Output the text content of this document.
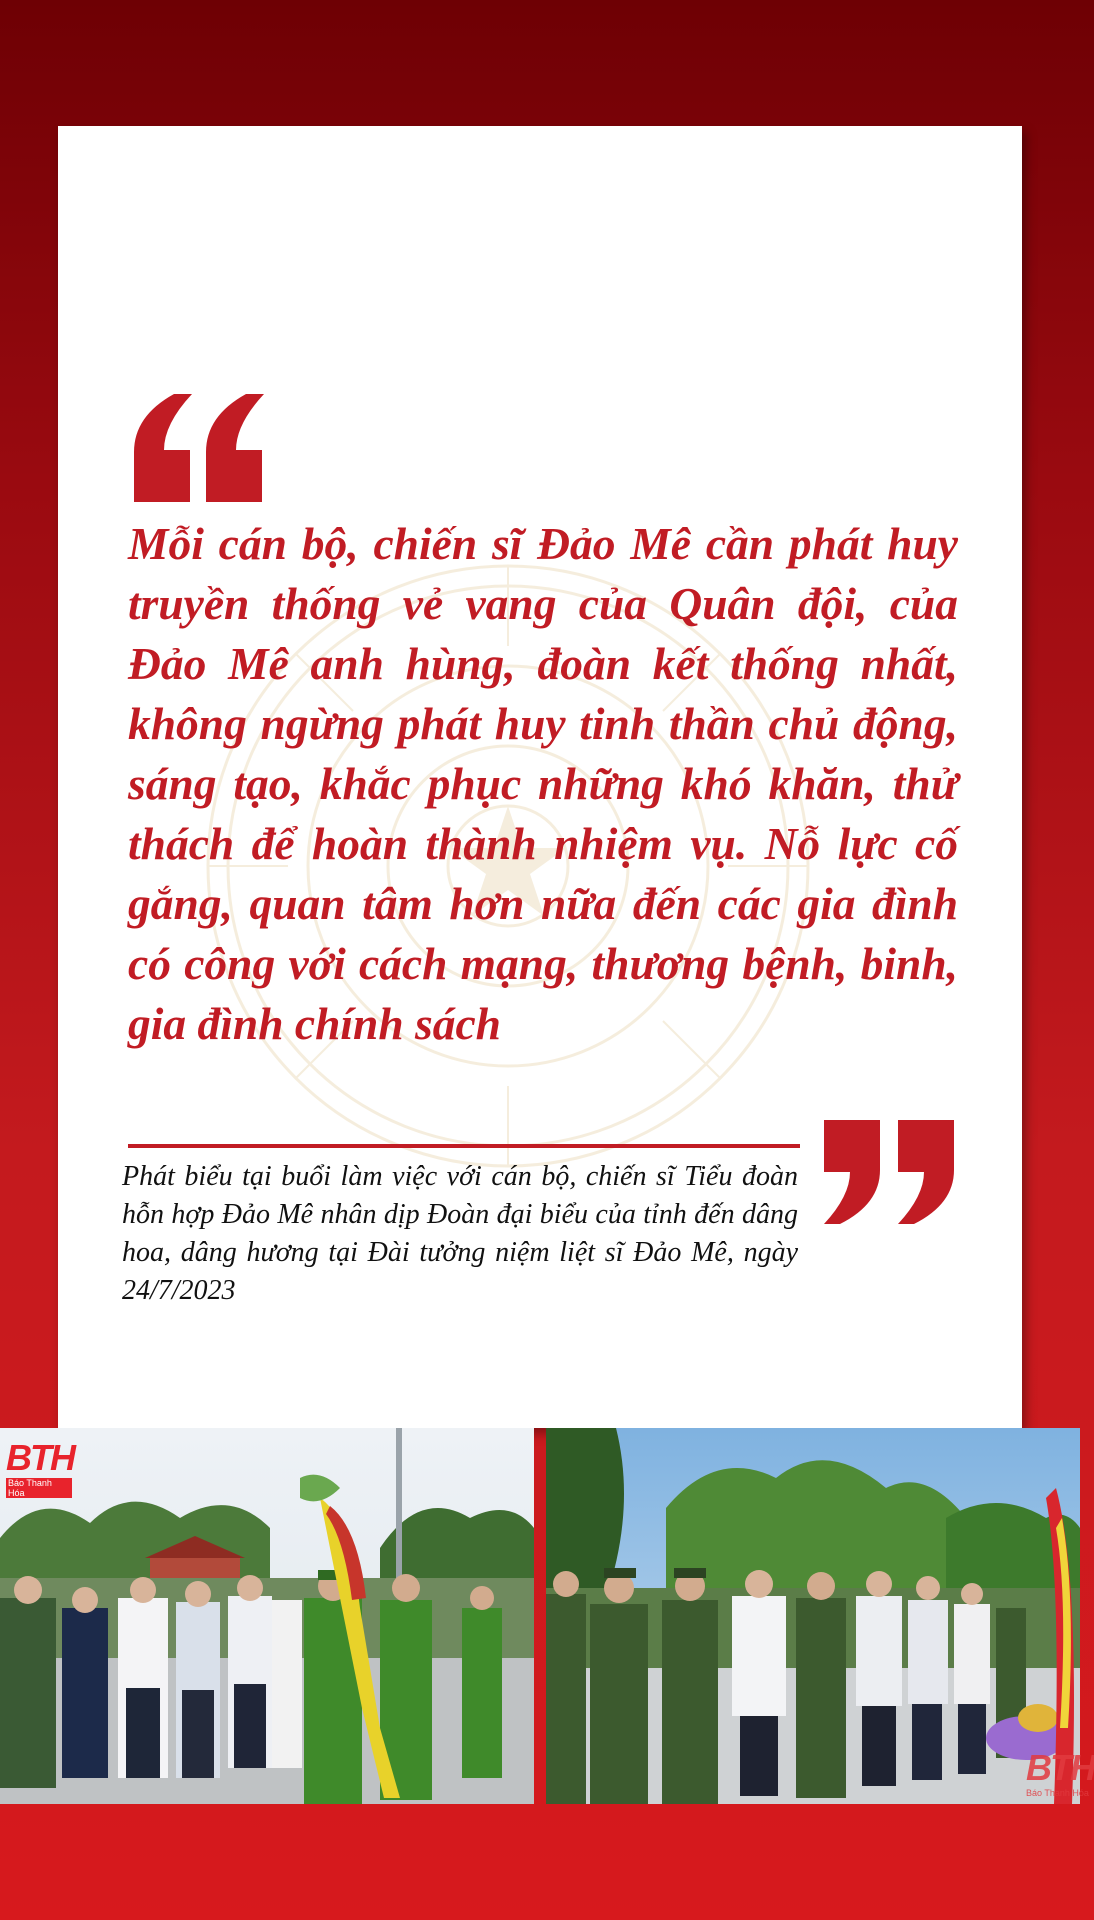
Mỗi cán bộ, chiến sĩ Đảo Mê cần phát huy truyền thống vẻ vang của Quân đội, của Đảo Mê anh hùng, đoàn kết thống nhất, không ngừng phát huy tinh thần chủ động, sáng tạo, khắc phục những khó khăn, thử thách để hoàn thành nhiệm vụ. Nỗ lực cố gắng, quan tâm hơn nữa đến các gia đình có công với cách mạng, thương bệnh, binh, gia đình chính sách

Phát biểu tại buổi làm việc với cán bộ, chiến sĩ Tiểu đoàn hỗn hợp Đảo Mê nhân dịp Đoàn đại biểu của tỉnh đến dâng hoa, dâng hương tại Đài tưởng niệm liệt sĩ Đảo Mê, ngày 24/7/2023

BTH
Báo Thanh Hóa
BTH
Báo Thanh Hóa
